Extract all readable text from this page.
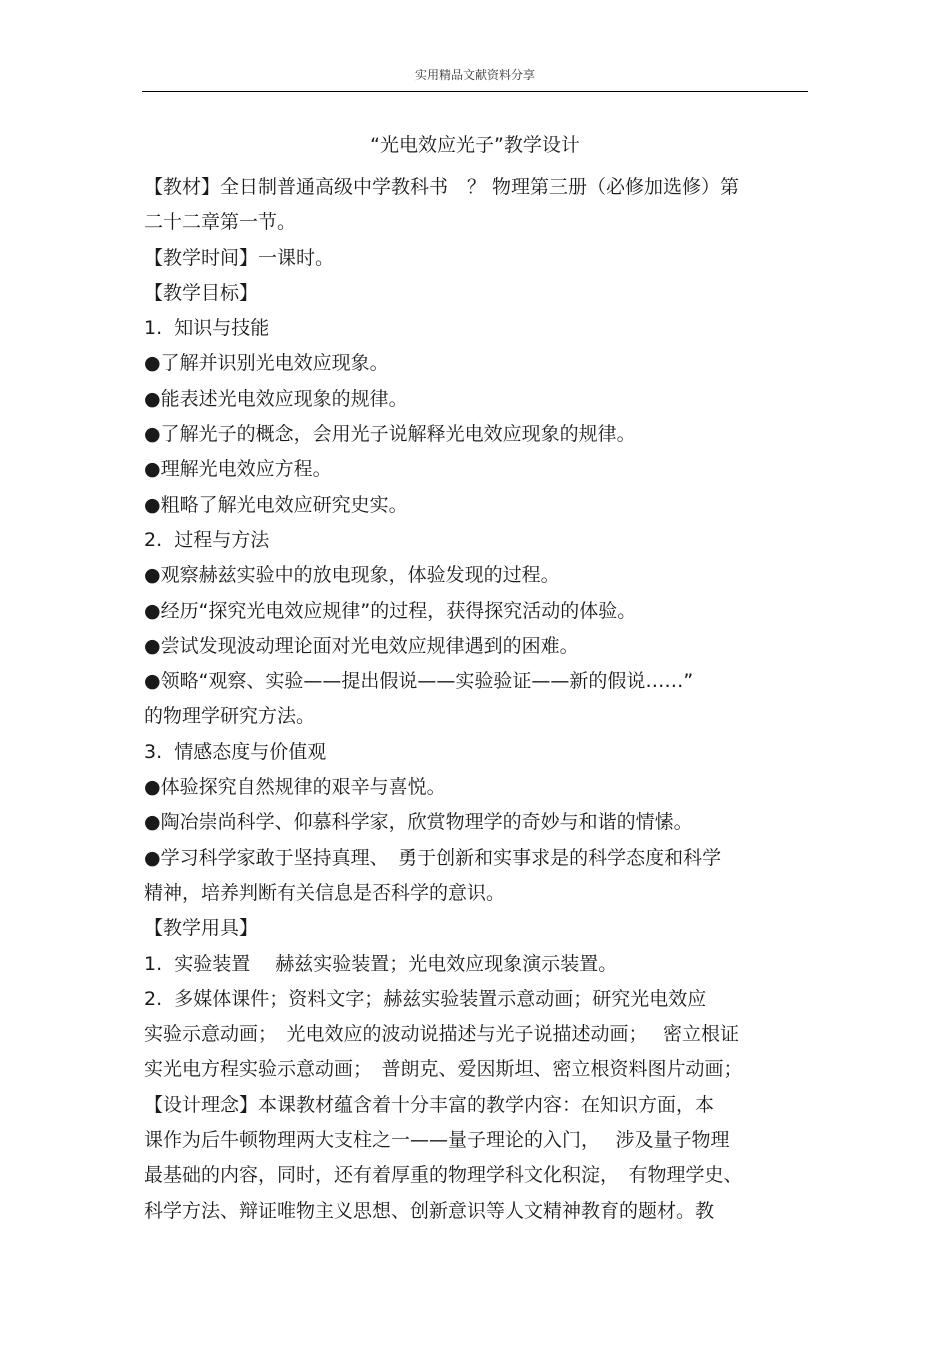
实用精品文献资料分享
“光电效应光子”教学设计
【教材】全日制普通高级中学教科书　？ 物理第三册（必修加选修）第
二十二章第一节。
【教学时间】一课时。
【教学目标】
1.  知识与技能
●了解并识别光电效应现象。
●能表述光电效应现象的规律。
●了解光子的概念，会用光子说解释光电效应现象的规律。
●理解光电效应方程。
●粗略了解光电效应研究史实。
2.  过程与方法
●观察赫兹实验中的放电现象，体验发现的过程。
●经历“探究光电效应规律”的过程，获得探究活动的体验。
●尝试发现波动理论面对光电效应规律遇到的困难。
●领略“观察、实验——提出假说——实验验证——新的假说……”
的物理学研究方法。
3.  情感态度与价值观
●体验探究自然规律的艰辛与喜悦。
●陶冶崇尚科学、仰慕科学家，欣赏物理学的奇妙与和谐的情愫。
●学习科学家敢于坚持真理、　勇于创新和实事求是的科学态度和科学
精神，培养判断有关信息是否科学的意识。
【教学用具】
1.  实验装置　 赫兹实验装置；光电效应现象演示装置。
2.  多媒体课件；资料文字；赫兹实验装置示意动画；研究光电效应
实验示意动画；　光电效应的波动说描述与光子说描述动画；　 密立根证
实光电方程实验示意动画；　普朗克、爱因斯坦、密立根资料图片动画；
【设计理念】本课教材蕴含着十分丰富的教学内容：在知识方面，本
课作为后牛顿物理两大支柱之一——量子理论的入门，　 涉及量子物理
最基础的内容，同时，还有着厚重的物理学科文化积淀，　有物理学史、
科学方法、辩证唯物主义思想、创新意识等人文精神教育的题材。教
